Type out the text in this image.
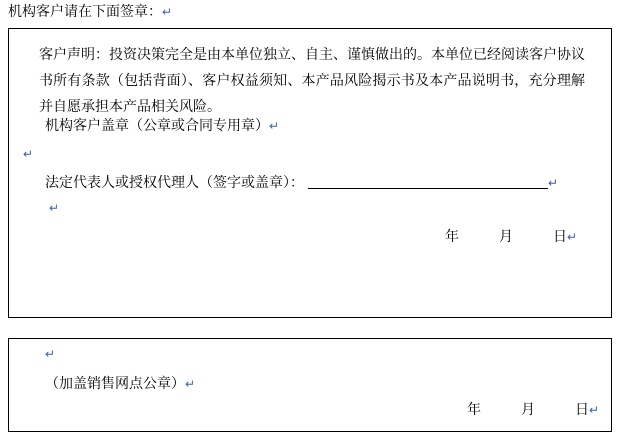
机构客户请在下面签章：↵
客户声明：投资决策完全是由本单位独立、自主、谨慎做出的。本单位已经阅读客户协议书所有条款（包括背面）、客户权益须知、本产品风险揭示书及本产品说明书，充分理解并自愿承担本产品相关风险。
机构客户盖章（公章或合同专用章）↵
↵
法定代表人或授权代理人（签字或盖章）：	↵
↵
年	月	日↵
↵
（加盖销售网点公章）↵
年	月	日↵
